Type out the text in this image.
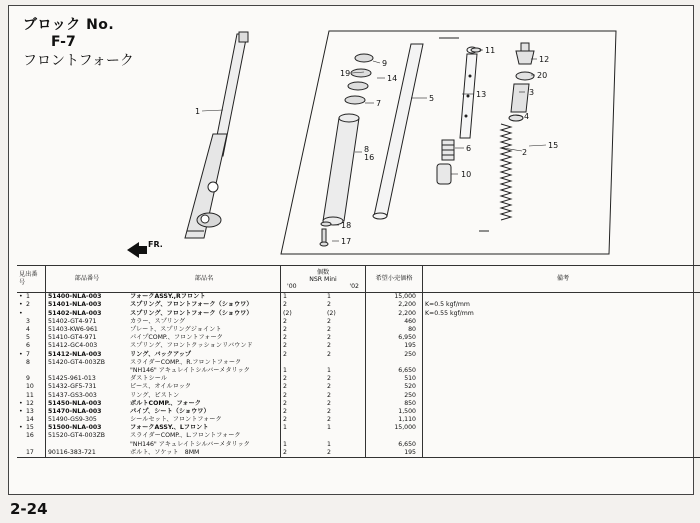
ブロック No.
F-7
フロントフォーク
1
2
3
4
5
6
7
8
9
10
11
12
13
14
15
16
17
18
19	20
FR.
見出番号	部品番号	部品名	個数
NSR Mini
'00 '02		希望小売価格	備考
• 1	51400-NLA-003	フォークASSY.,Rフロント	1	1	15,000	
• 2	51401-NLA-003	スプリング、フロントフォーク（ショウワ）	2	2	2,200	K=0.5 kgf/mm
•	51402-NLA-003	スプリング、フロントフォーク（ショウワ）	(2)	(2)	2,200	K=0.55 kgf/mm
3	51402-GT4-971	カラー、スプリング	2	2	460	
4	51403-KW6-961	プレート、スプリングジョイント	2	2	80	
5	51410-GT4-971	パイプCOMP.、フロントフォーク	2	2	6,950	
6	51412-GC4-003	スプリング、フロントクッションリバウンド	2	2	195	
• 7	51412-NLA-003	リング、バックアップ	2	2	250	
8	51420-GT4-003ZB	スライダーCOMP.、R.フロントフォーク				
		"NH146" アキュレイトシルバーメタリック	1	1	6,650	
9	51425-961-013	ダストシール	2	2	510	
10	51432-GF5-731	ピース、オイルロック	2	2	520	
11	51437-GS3-003	リング、ピストン	2	2	250	
• 12	51450-NLA-003	ボルトCOMP.、フォーク	2	2	850	
• 13	51470-NLA-003	パイプ、シート（ショウワ）	2	2	1,500	
14	51490-GS9-305	シールセット、フロントフォーク	2	2	1,110	
• 15	51500-NLA-003	フォークASSY.、Lフロント	1	1	15,000	
16	51520-GT4-003ZB	スライダーCOMP.、L.フロントフォーク				
		"NH146" アキュレイトシルバーメタリック	1	1	6,650	
17	90116-383-721	ボルト、ソケット　8MM	2	2	195	
2-24
